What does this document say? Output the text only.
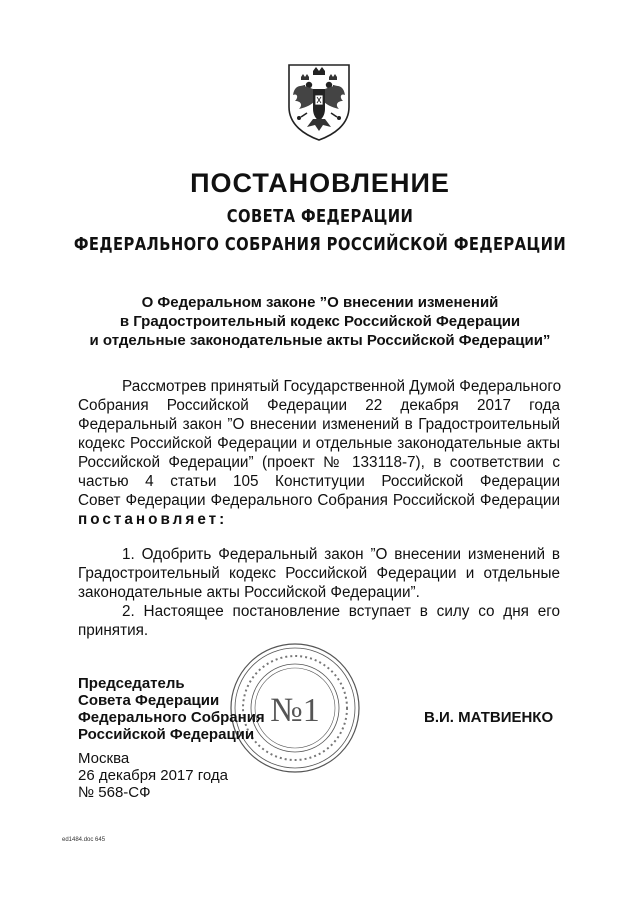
ПОСТАНОВЛЕНИЕ
СОВЕТА ФЕДЕРАЦИИ
ФЕДЕРАЛЬНОГО СОБРАНИЯ РОССИЙСКОЙ ФЕДЕРАЦИИ
О Федеральном законе ”О внесении изменений
в Градостроительный кодекс Российской Федерации
и отдельные законодательные акты Российской Федерации”
Рассмотрев принятый Государственной Думой Федерального
Собрания Российской Федерации 22 декабря 2017 года
Федеральный закон ”О внесении изменений в Градостроительный
кодекс Российской Федерации и отдельные законодательные акты
Российской Федерации” (проект № 133118-7), в соответствии с
частью 4 статьи 105 Конституции Российской Федерации
Совет Федерации Федерального Собрания Российской Федерации
постановляет:
1. Одобрить Федеральный закон ”О внесении изменений в
Градостроительный кодекс Российской Федерации и отдельные
законодательные акты Российской Федерации”.
2. Настоящее постановление вступает в силу со дня его
принятия.
№1
Председатель
Совета Федерации
Федерального Собрания
Российской Федерации
В.И. МАТВИЕНКО
Москва
26 декабря 2017 года
№ 568-СФ
ed1484.doc 645
